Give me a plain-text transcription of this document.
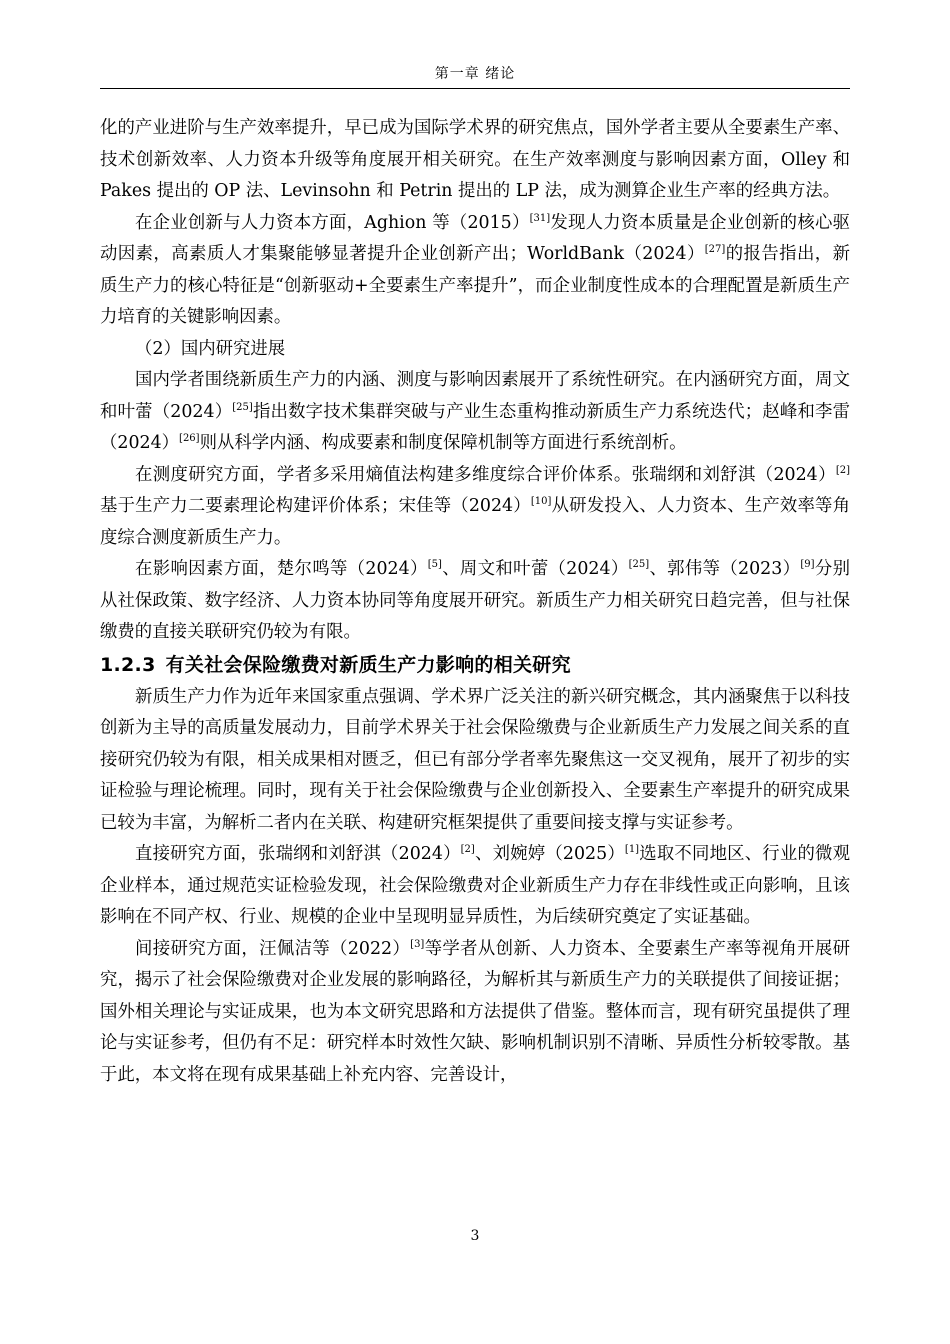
第一章 绪论

化的产业进阶与生产效率提升，早已成为国际学术界的研究焦点，国外学者主要从全要素生产率、技术创新效率、人力资本升级等角度展开相关研究。在生产效率测度与影响因素方面，Olley 和 Pakes 提出的 OP 法、Levinsohn 和 Petrin 提出的 LP 法，成为测算企业生产率的经典方法。

在企业创新与人力资本方面，Aghion 等（2015）[31]发现人力资本质量是企业创新的核心驱动因素，高素质人才集聚能够显著提升企业创新产出；WorldBank（2024）[27]的报告指出，新质生产力的核心特征是“创新驱动+全要素生产率提升”，而企业制度性成本的合理配置是新质生产力培育的关键影响因素。

（2）国内研究进展

国内学者围绕新质生产力的内涵、测度与影响因素展开了系统性研究。在内涵研究方面，周文和叶蕾（2024）[25]指出数字技术集群突破与产业生态重构推动新质生产力系统迭代；赵峰和李雷（2024）[26]则从科学内涵、构成要素和制度保障机制等方面进行系统剖析。

在测度研究方面，学者多采用熵值法构建多维度综合评价体系。张瑞纲和刘舒淇（2024）[2]基于生产力二要素理论构建评价体系；宋佳等（2024）[10]从研发投入、人力资本、生产效率等角度综合测度新质生产力。

在影响因素方面，楚尔鸣等（2024）[5]、周文和叶蕾（2024）[25]、郭伟等（2023）[9]分别从社保政策、数字经济、人力资本协同等角度展开研究。新质生产力相关研究日趋完善，但与社保缴费的直接关联研究仍较为有限。

1.2.3 有关社会保险缴费对新质生产力影响的相关研究

新质生产力作为近年来国家重点强调、学术界广泛关注的新兴研究概念，其内涵聚焦于以科技创新为主导的高质量发展动力，目前学术界关于社会保险缴费与企业新质生产力发展之间关系的直接研究仍较为有限，相关成果相对匮乏，但已有部分学者率先聚焦这一交叉视角，展开了初步的实证检验与理论梳理。同时，现有关于社会保险缴费与企业创新投入、全要素生产率提升的研究成果已较为丰富，为解析二者内在关联、构建研究框架提供了重要间接支撑与实证参考。

直接研究方面，张瑞纲和刘舒淇（2024）[2]、刘婉婷（2025）[1]选取不同地区、行业的微观企业样本，通过规范实证检验发现，社会保险缴费对企业新质生产力存在非线性或正向影响，且该影响在不同产权、行业、规模的企业中呈现明显异质性，为后续研究奠定了实证基础。

间接研究方面，汪佩洁等（2022）[3]等学者从创新、人力资本、全要素生产率等视角开展研究，揭示了社会保险缴费对企业发展的影响路径，为解析其与新质生产力的关联提供了间接证据；国外相关理论与实证成果，也为本文研究思路和方法提供了借鉴。整体而言，现有研究虽提供了理论与实证参考，但仍有不足：研究样本时效性欠缺、影响机制识别不清晰、异质性分析较零散。基于此，本文将在现有成果基础上补充内容、完善设计，

3
